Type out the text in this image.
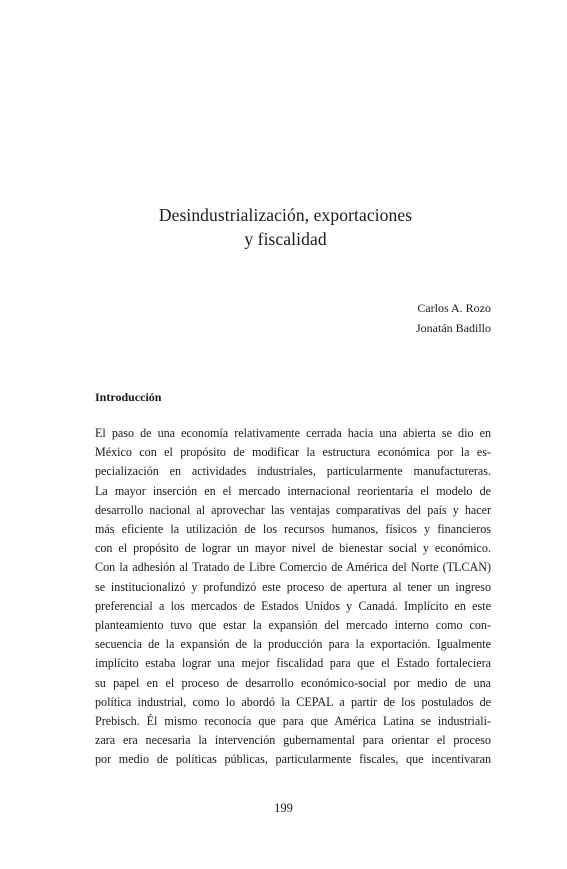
Desindustrialización, exportaciones
y fiscalidad
Carlos A. Rozo
Jonatán Badillo
Introducción
El paso de una economía relativamente cerrada hacia una abierta se dio en
México con el propósito de modificar la estructura económica por la es-
pecialización en actividades industriales, particularmente manufactureras.
La mayor inserción en el mercado internacional reorientaría el modelo de
desarrollo nacional al aprovechar las ventajas comparativas del país y hacer
más eficiente la utilización de los recursos humanos, físicos y financieros
con el propósito de lograr un mayor nivel de bienestar social y económico.
Con la adhesión al Tratado de Libre Comercio de América del Norte (TLCAN)
se institucionalizó y profundizó este proceso de apertura al tener un ingreso
preferencial a los mercados de Estados Unidos y Canadá. Implícito en este
planteamiento tuvo que estar la expansión del mercado interno como con-
secuencia de la expansión de la producción para la exportación. Igualmente
implícito estaba lograr una mejor fiscalidad para que el Estado fortaleciera
su papel en el proceso de desarrollo económico-social por medio de una
política industrial, como lo abordó la CEPAL a partir de los postulados de
Prebisch. Él mismo reconocía que para que América Latina se industriali-
zara era necesaria la intervención gubernamental para orientar el proceso
por medio de políticas públicas, particularmente fiscales, que incentivaran
199
